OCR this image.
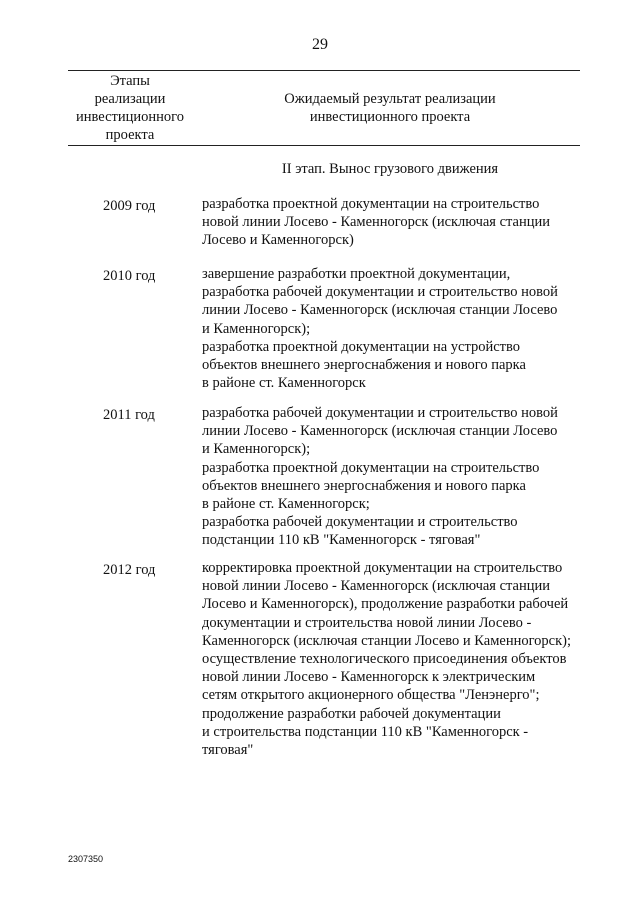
29
Этапы
реализации
инвестиционного
проекта
Ожидаемый результат реализации
инвестиционного проекта
II этап. Вынос грузового движения
2009 год	разработка проектной документации на строительство
новой линии Лосево - Каменногорск (исключая станции
Лосево и Каменногорск)
2010 год	завершение разработки проектной документации,
разработка рабочей документации и строительство новой
линии Лосево - Каменногорск (исключая станции Лосево
и Каменногорск);
разработка проектной документации на устройство
объектов внешнего энергоснабжения и нового парка
в районе ст. Каменногорск
2011 год	разработка рабочей документации и строительство новой
линии Лосево - Каменногорск (исключая станции Лосево
и Каменногорск);
разработка проектной документации на строительство
объектов внешнего энергоснабжения и нового парка
в районе ст. Каменногорск;
разработка рабочей документации и строительство
подстанции 110 кВ "Каменногорск - тяговая"
2012 год	корректировка проектной документации на строительство
новой линии Лосево - Каменногорск (исключая станции
Лосево и Каменногорск), продолжение разработки рабочей
документации и строительства новой линии Лосево -
Каменногорск (исключая станции Лосево и Каменногорск);
осуществление технологического присоединения объектов
новой линии Лосево - Каменногорск к электрическим
сетям открытого акционерного общества "Ленэнерго";
продолжение разработки рабочей документации
и строительства подстанции 110 кВ "Каменногорск -
тяговая"
2307350
